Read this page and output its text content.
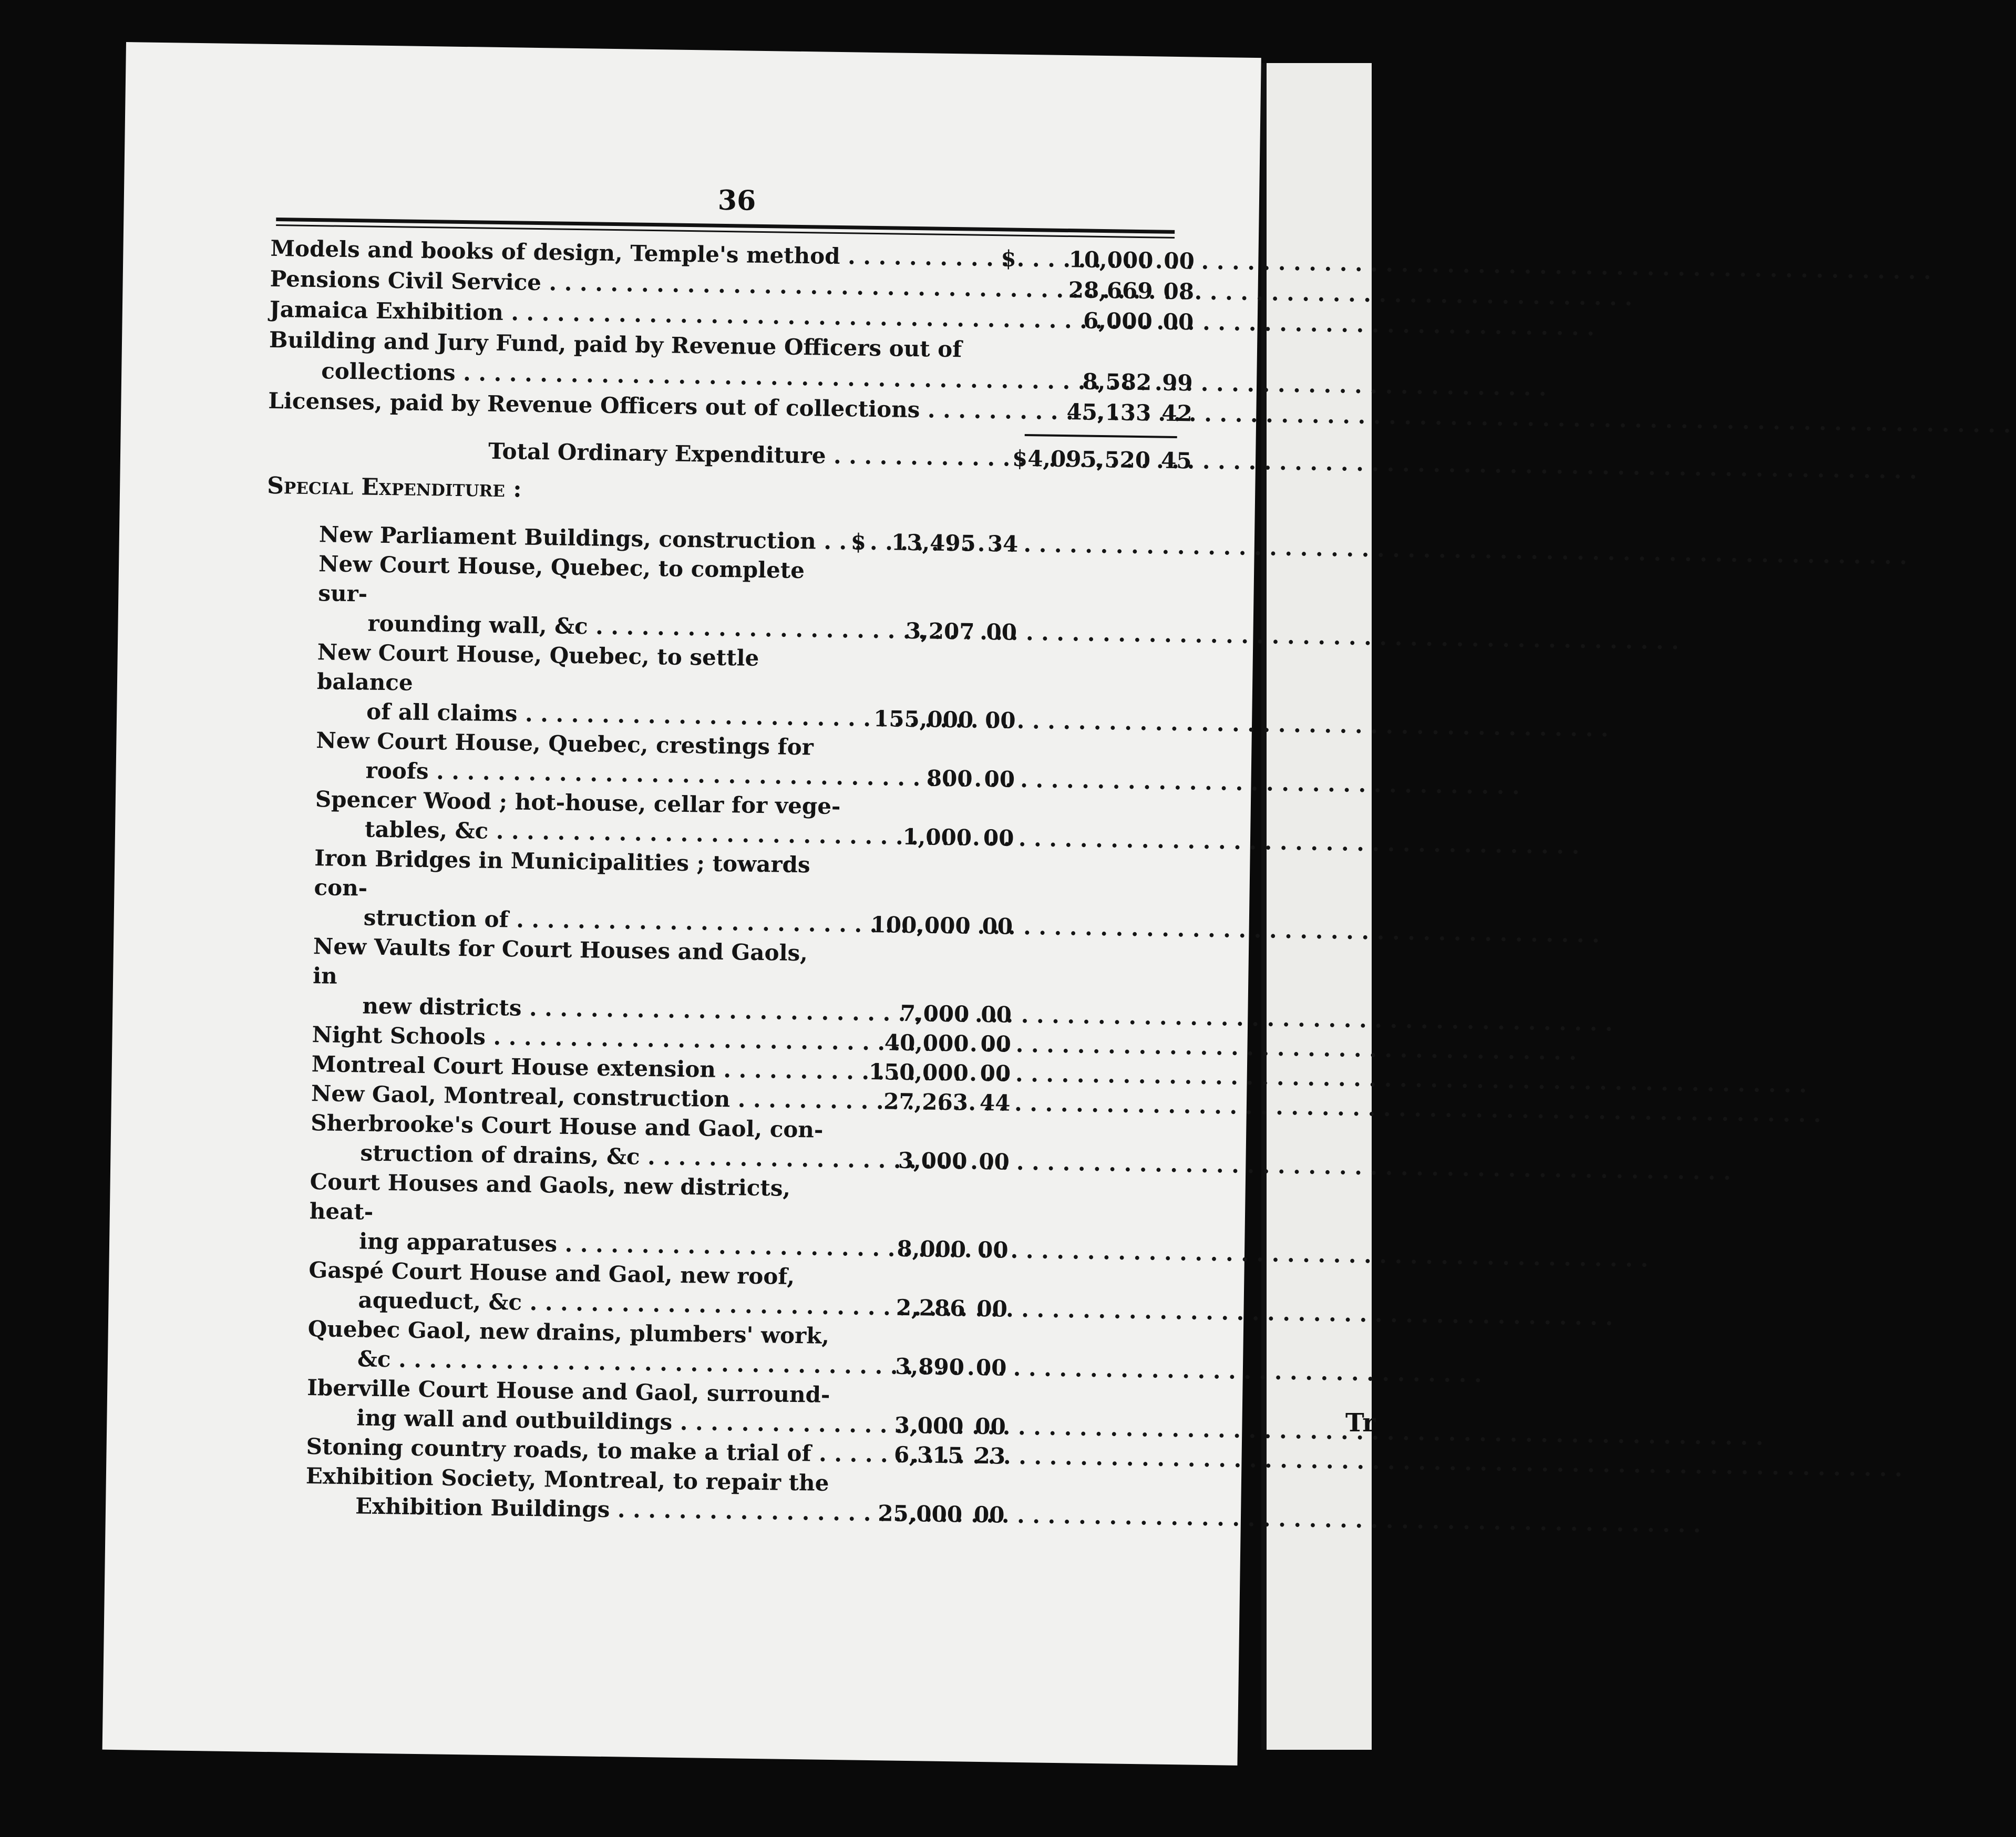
Tr
36
Models and books of design, Temple's method . . .	$	10,000 00
Pensions Civil Service . . .	28,669 08
Jamaica Exhibition . . .	6,000 00
Building and Jury Fund, paid by Revenue Officers out of
collections . . .	8,582 99
Licenses, paid by Revenue Officers out of collections . . .	45,133 42
Total Ordinary Expenditure . . .	$4,095,520 45
Special Expenditure :
New Parliament Buildings, construction . . .	$	13,495 34
New Court House, Quebec, to complete sur-
rounding wall, &c . . .	3,207 00
New Court House, Quebec, to settle balance
of all claims . . .	155,000 00
New Court House, Quebec, crestings for
roofs . . .	800 00
Spencer Wood ; hot-house, cellar for vege-
tables, &c . . .	1,000 00
Iron Bridges in Municipalities ; towards con-
struction of . . .	100,000 00
New Vaults for Court Houses and Gaols, in
new districts . . .	7,000 00
Night Schools . . .	40,000 00
Montreal Court House extension . . .	150,000 00
New Gaol, Montreal, construction . . .	27,263 44
Sherbrooke's Court House and Gaol, con-
struction of drains, &c . . .	3,000 00
Court Houses and Gaols, new districts, heat-
ing apparatuses . . .	8,000 00
Gaspé Court House and Gaol, new roof,
aqueduct, &c . . .	2,286 00
Quebec Gaol, new drains, plumbers' work,
&c . . .	3,890 00
Iberville Court House and Gaol, surround-
ing wall and outbuildings . . .	3,000 00
Stoning country roads, to make a trial of . . .	6,315 23
Exhibition Society, Montreal, to repair the
Exhibition Buildings . . .	25,000 00
